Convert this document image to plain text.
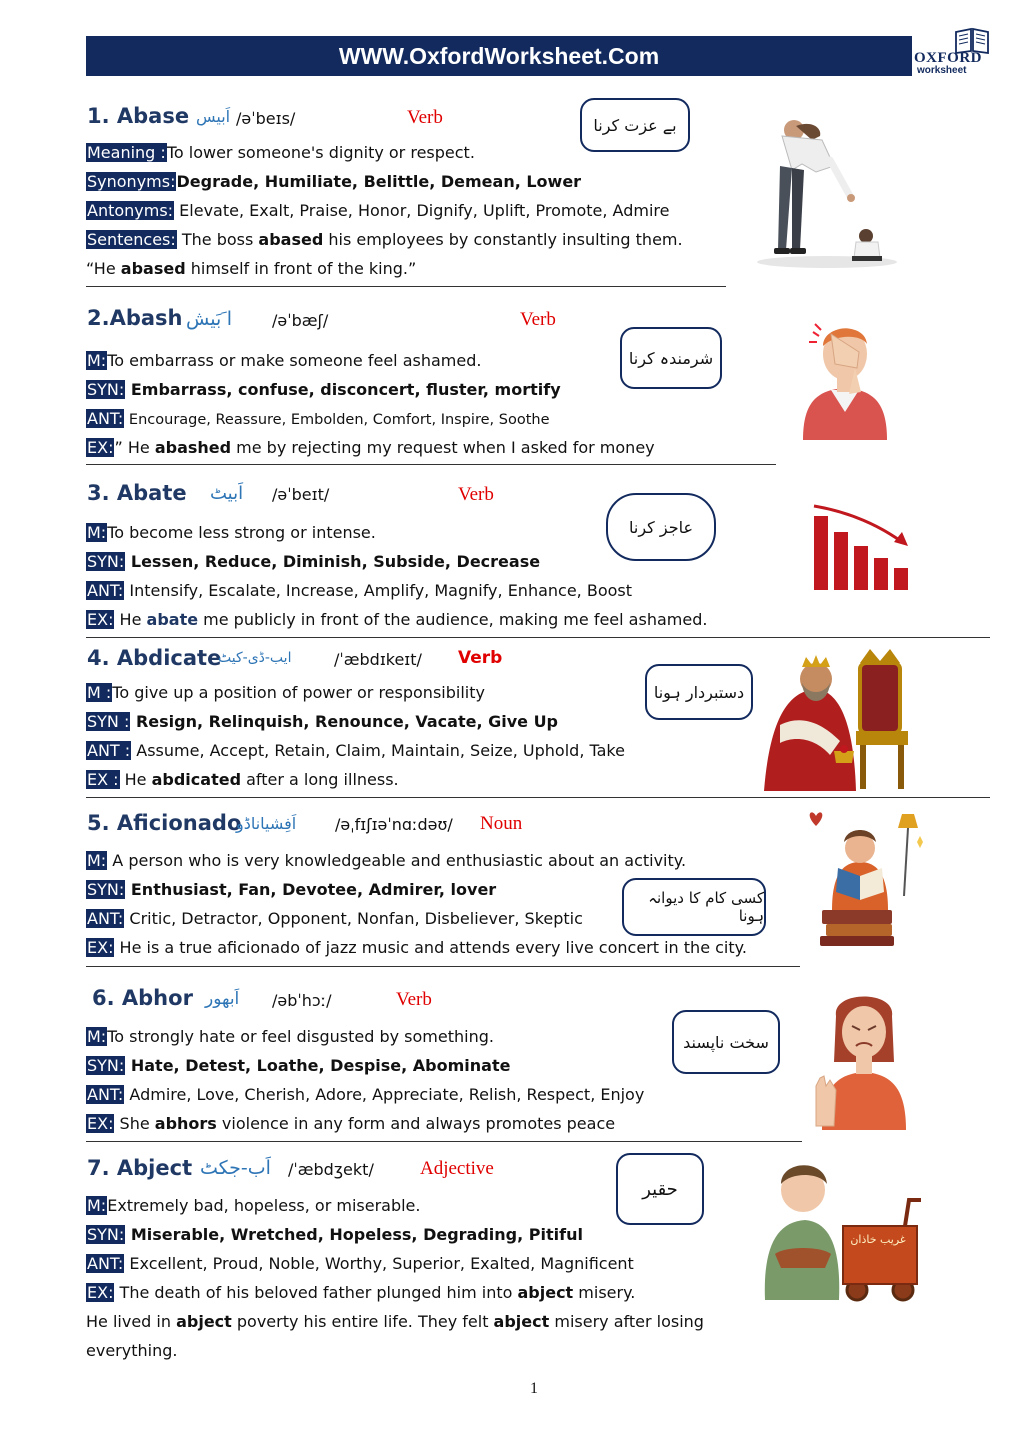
WWW.OxfordWorksheet.Com	OXFORD
worksheet
1. Abase اَبیس /əˈbeɪs/	Verb	بے عزت کرنا
Meaning :To lower someone's dignity or respect.
Synonyms:Degrade, Humiliate, Belittle, Demean, Lower
Antonyms: Elevate, Exalt, Praise, Honor, Dignify, Uplift, Promote, Admire
Sentences: The boss abased his employees by constantly insulting them.
“He abased himself in front of the king.”
2.Abash ا َبَیش /əˈbæʃ/	Verb
شرمندہ کرنا
M:To embarrass or make someone feel ashamed.
SYN: Embarrass, confuse, disconcert, fluster, mortify
ANT: Encourage, Reassure, Embolden, Comfort, Inspire, Soothe
EX:” He abashed me by rejecting my request when I asked for money
3. Abate اَبیٹ /əˈbeɪt/	Verb
عاجز کرنا
M:To become less strong or intense.
SYN: Lessen, Reduce, Diminish, Subside, Decrease
ANT: Intensify, Escalate, Increase, Amplify, Magnify, Enhance, Boost
EX: He abate me publicly in front of the audience, making me feel ashamed.
4. Abdicate
ایب-ڈی-کیٹ	/ˈæbdɪkeɪt/ Verb
دستبردار ہونا
M :To give up a position of power or responsibility
SYN : Resign, Relinquish, Renounce, Vacate, Give Up
ANT : Assume, Accept, Retain, Claim, Maintain, Seize, Uphold, Take
EX : He abdicated after a long illness.
5. Aficionado
اَفِشیاناڈو /əˌfɪʃɪəˈnɑːdəʊ/ Noun
کسی کام کا دیوانہ ہونا
M: A person who is very knowledgeable and enthusiastic about an activity.
SYN: Enthusiast, Fan, Devotee, Admirer, lover
ANT: Critic, Detractor, Opponent, Nonfan, Disbeliever, Skeptic
EX: He is a true aficionado of jazz music and attends every live concert in the city.
6. Abhor اَبھور /əbˈhɔː/	Verb
سخت ناپسند
M:To strongly hate or feel disgusted by something.
SYN: Hate, Detest, Loathe, Despise, Abominate
ANT: Admire, Love, Cherish, Adore, Appreciate, Relish, Respect, Enjoy
EX: She abhors violence in any form and always promotes peace
7. Abject اَب-جکٹ /ˈæbdʒekt/ Adjective
حقیر
M:Extremely bad, hopeless, or miserable.
SYN: Miserable, Wretched, Hopeless, Degrading, Pitiful
ANT: Excellent, Proud, Noble, Worthy, Superior, Exalted, Magnificent
EX: The death of his beloved father plunged him into abject misery.
He lived in abject poverty his entire life. They felt abject misery after losing
everything.
غریب خاذان
1
